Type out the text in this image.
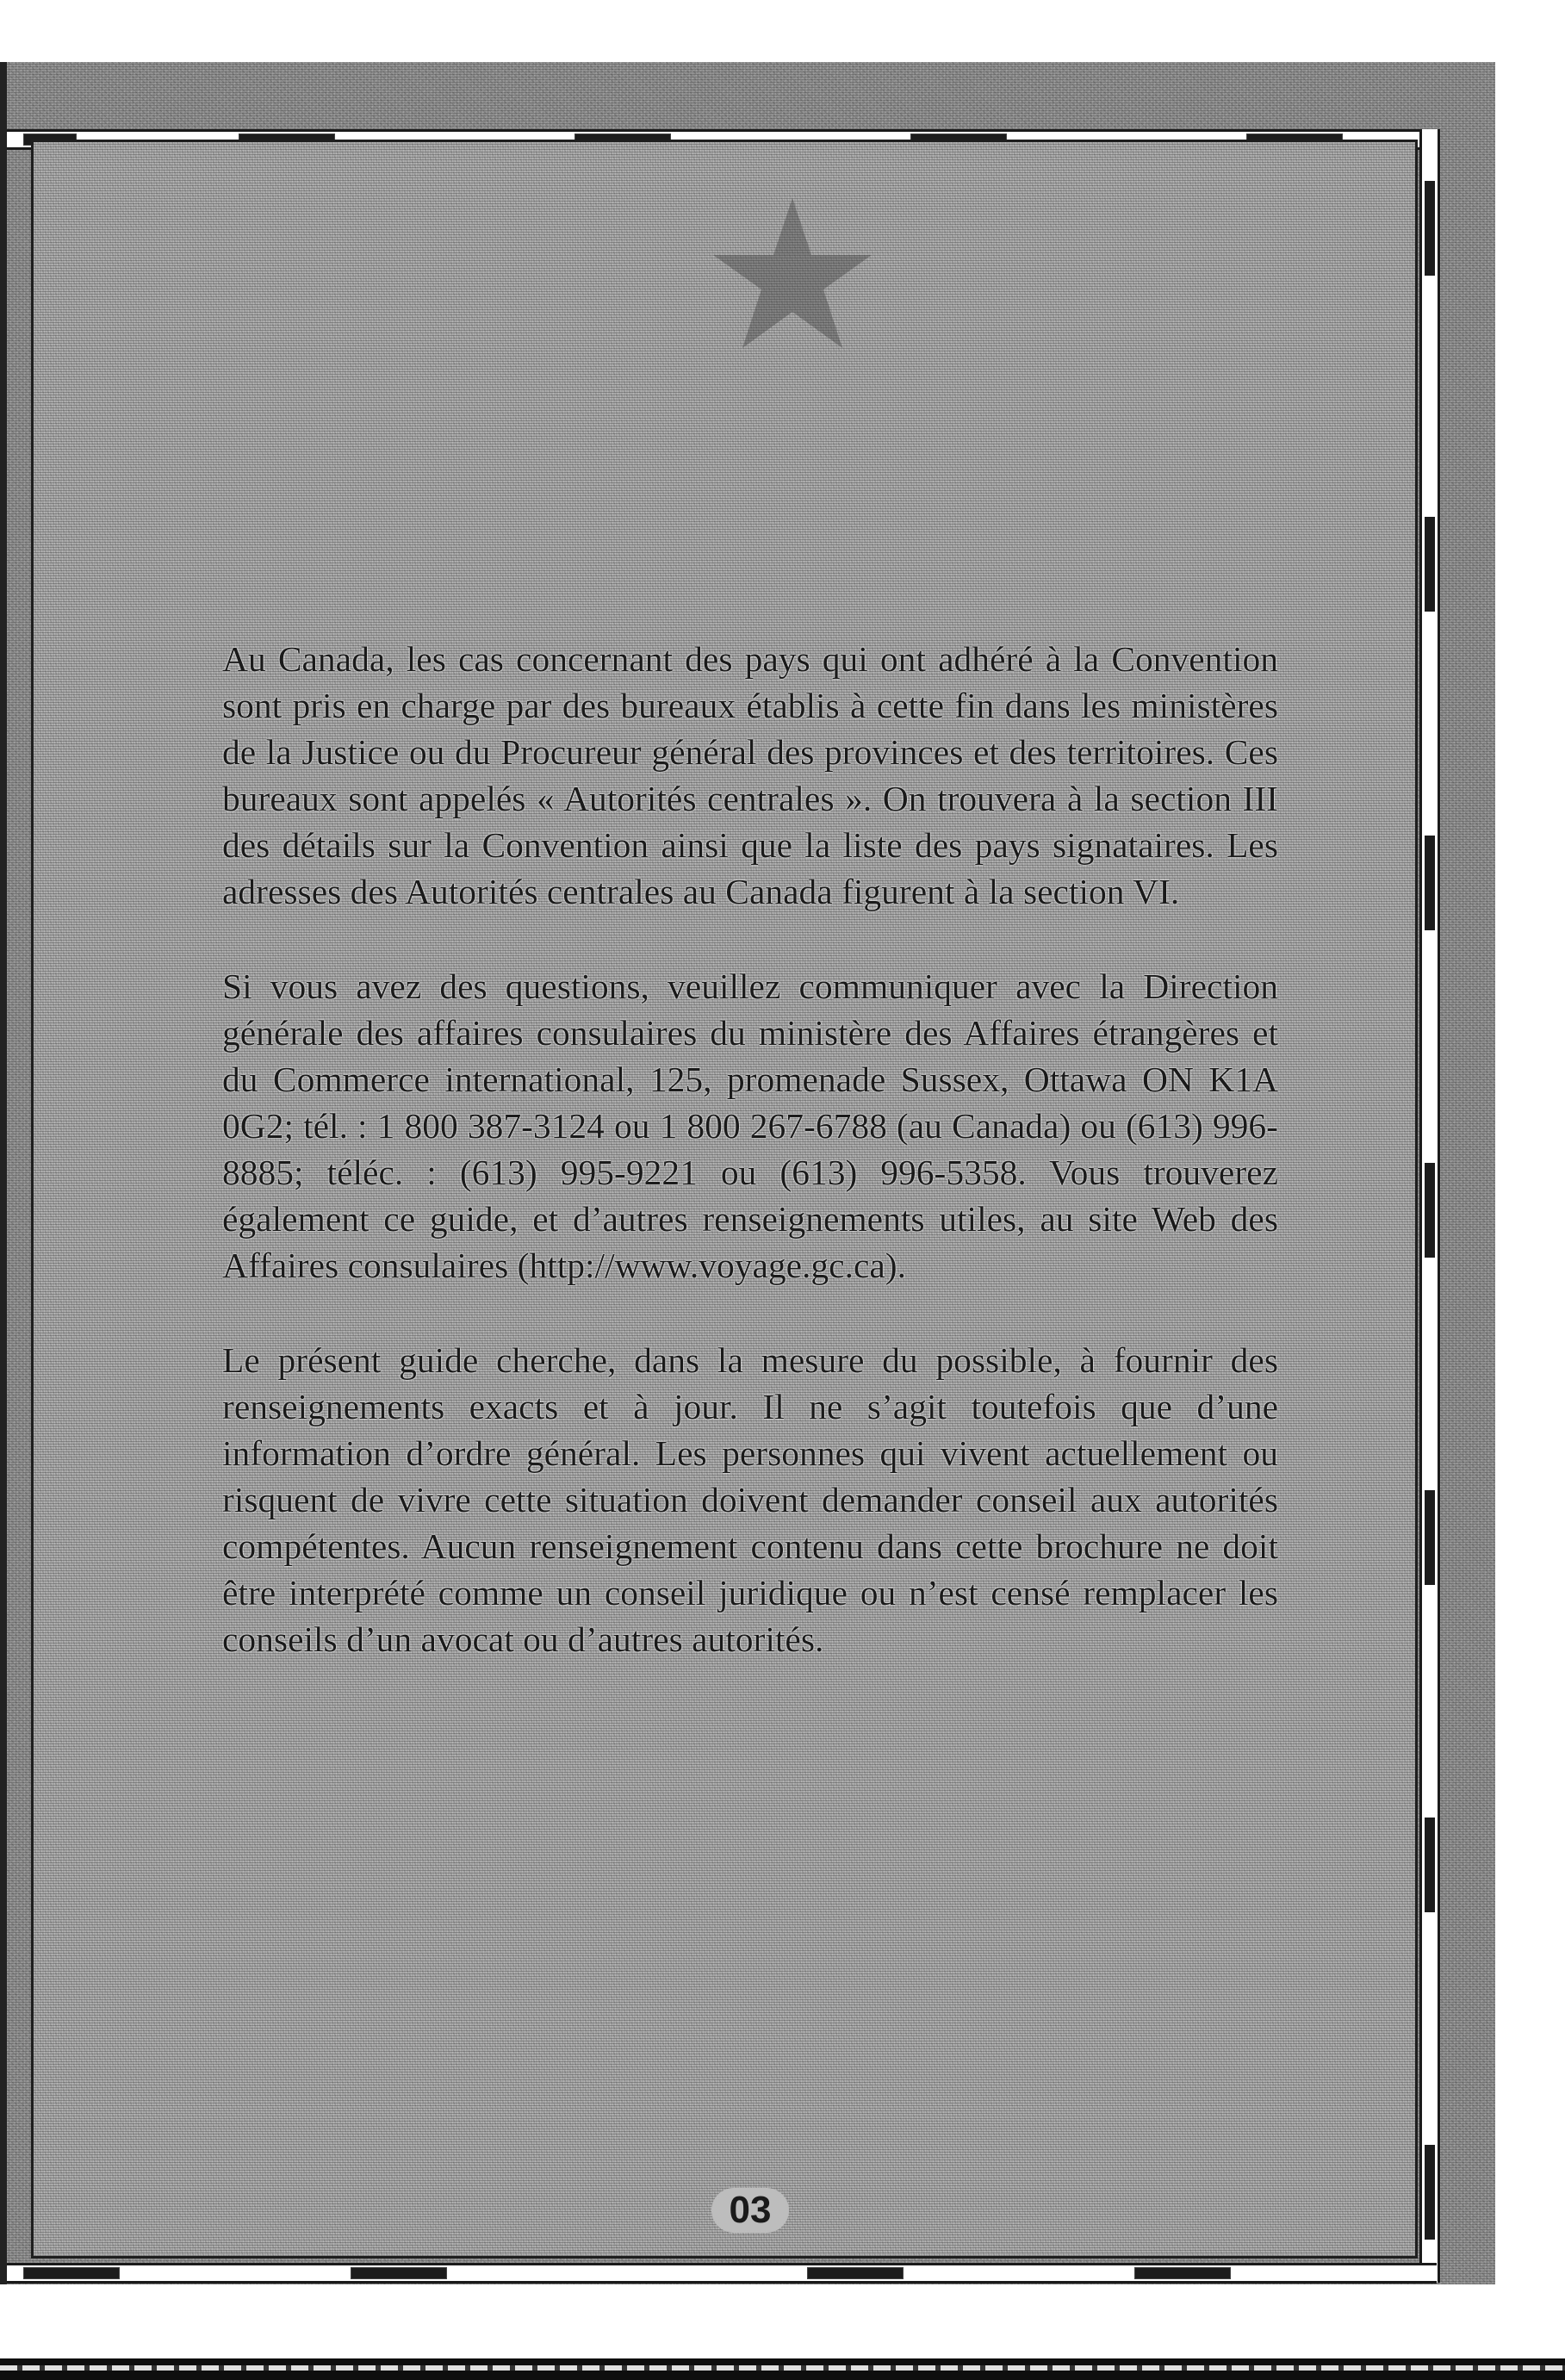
Au Canada, les cas concernant des pays qui ont adhéré à la Convention sont pris en charge par des bureaux établis à cette fin dans les ministères de la Justice ou du Procureur général des provinces et des territoires. Ces bureaux sont appelés « Autorités centrales ». On trouvera à la section III des détails sur la Convention ainsi que la liste des pays signataires. Les adresses des Autorités centrales au Canada figurent à la section VI.

Si vous avez des questions, veuillez communiquer avec la Direction générale des affaires consulaires du ministère des Affaires étrangères et du Commerce international, 125, promenade Sussex, Ottawa ON K1A 0G2; tél. : 1 800 387-3124 ou 1 800 267-6788 (au Canada) ou (613) 996-8885; téléc. : (613) 995-9221 ou (613) 996-5358. Vous trouverez également ce guide, et d’autres renseignements utiles, au site Web des Affaires consulaires (http://www.voyage.gc.ca).

Le présent guide cherche, dans la mesure du possible, à fournir des renseignements exacts et à jour. Il ne s’agit toutefois que d’une information d’ordre général. Les personnes qui vivent actuellement ou risquent de vivre cette situation doivent demander conseil aux autorités compétentes. Aucun renseignement contenu dans cette brochure ne doit être interprété comme un conseil juridique ou n’est censé remplacer les conseils d’un avocat ou d’autres autorités.

03
